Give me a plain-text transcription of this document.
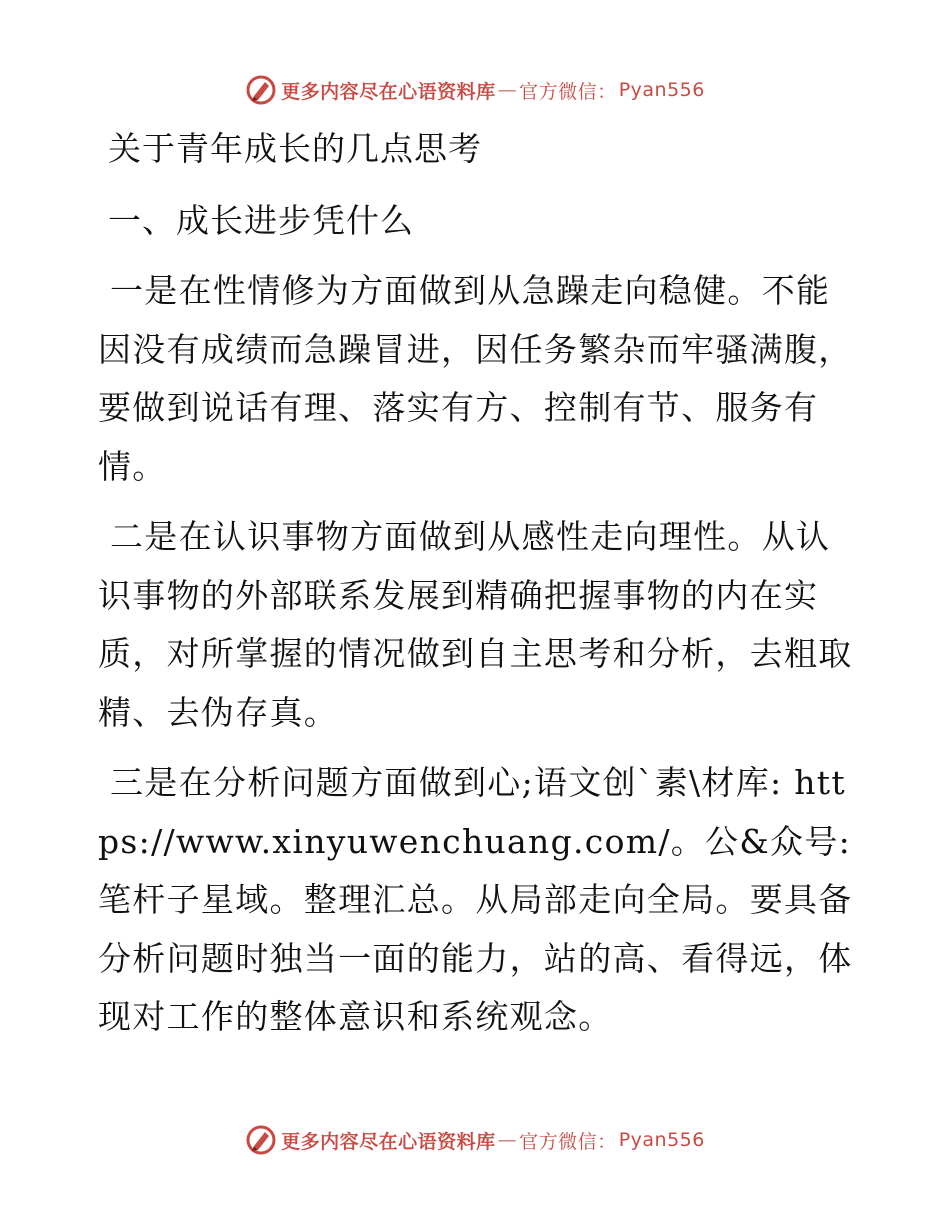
更多内容尽在心语资料库 — 官方微信： Pyan556
关于青年成长的几点思考
一、成长进步凭什么

一是在性情修为方面做到从急躁走向稳健。不能因没有成绩而急躁冒进，因任务繁杂而牢骚满腹，要做到说话有理、落实有方、控制有节、服务有情。

二是在认识事物方面做到从感性走向理性。从认识事物的外部联系发展到精确把握事物的内在实质，对所掌握的情况做到自主思考和分析，去粗取精、去伪存真。

三是在分析问题方面做到心;语文创`素\材库: https://www.xinyuwenchuang.com/。公&众号: 笔杆子星域。整理汇总。从局部走向全局。要具备分析问题时独当一面的能力，站的高、看得远，体现对工作的整体意识和系统观念。

更多内容尽在心语资料库 — 官方微信： Pyan556
